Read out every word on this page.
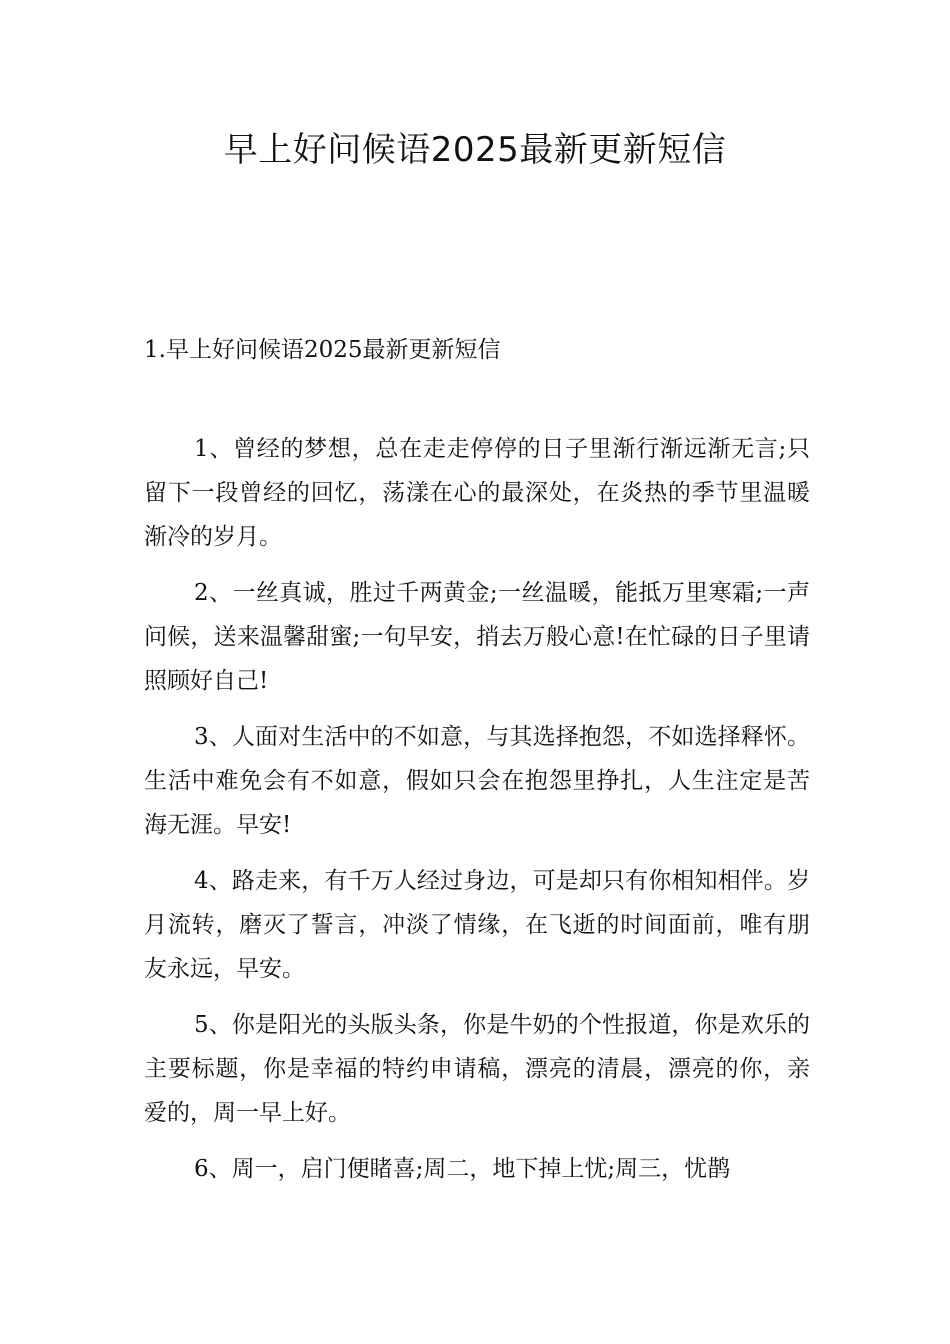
早上好问候语2025最新更新短信
1.早上好问候语2025最新更新短信

1、曾经的梦想，总在走走停停的日子里渐行渐远渐无言;只留下一段曾经的回忆，荡漾在心的最深处，在炎热的季节里温暖渐冷的岁月。

2、一丝真诚，胜过千两黄金;一丝温暖，能抵万里寒霜;一声问候，送来温馨甜蜜;一句早安，捎去万般心意!在忙碌的日子里请照顾好自己!

3、人面对生活中的不如意，与其选择抱怨，不如选择释怀。生活中难免会有不如意，假如只会在抱怨里挣扎，人生注定是苦海无涯。早安!

4、路走来，有千万人经过身边，可是却只有你相知相伴。岁月流转，磨灭了誓言，冲淡了情缘，在飞逝的时间面前，唯有朋友永远，早安。

5、你是阳光的头版头条，你是牛奶的个性报道，你是欢乐的主要标题，你是幸福的特约申请稿，漂亮的清晨，漂亮的你，亲爱的，周一早上好。

6、周一，启门便睹喜;周二，地下掉上忧;周三，忧鹊
